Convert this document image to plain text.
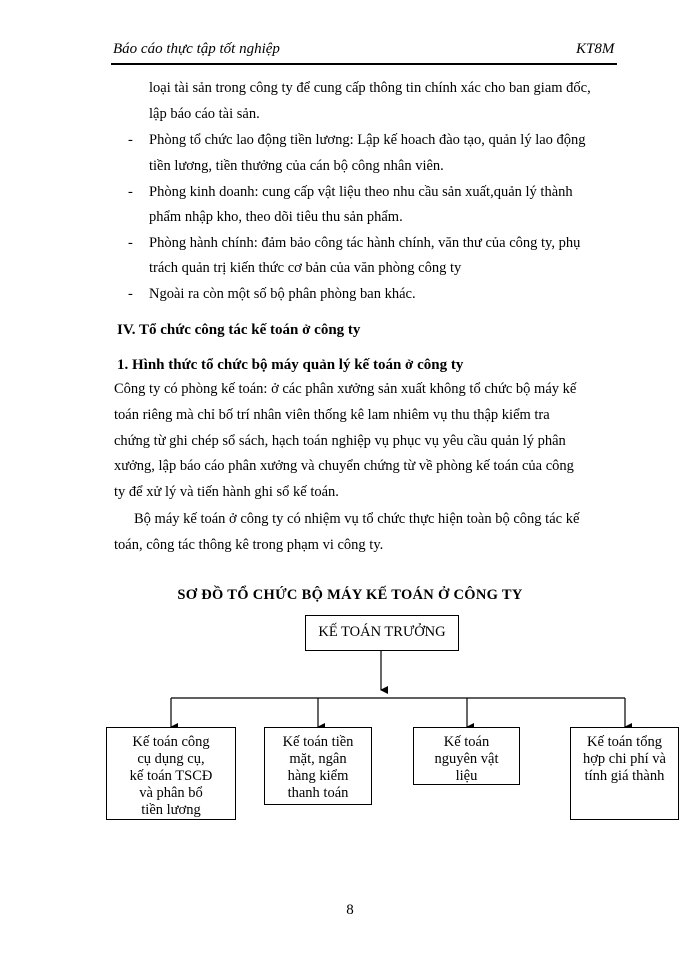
Báo cáo thực tập tốt nghiệp	KT8M
loại tài sản trong công ty để cung cấp thông tin chính xác cho ban giam đốc,
lập báo cáo tài sản.
- Phòng tổ chức lao động tiền lương: Lập kế hoach đào tạo, quản lý lao động
tiền lương, tiền thưởng của cán bộ công nhân viên.
- Phòng kinh doanh: cung cấp vật liệu theo nhu cầu sản xuất,quản lý thành
phẩm nhập kho, theo dõi tiêu thu sản phẩm.
- Phòng hành chính: đảm bảo công tác hành chính, văn thư của công ty, phụ
trách quản trị kiến thức cơ bản của văn phòng công ty
- Ngoài ra còn một số bộ phân phòng ban khác.
IV. Tổ chức công tác kế toán ở công ty
1. Hình thức tổ chức bộ máy quản lý kế toán ở công ty
Công ty có phòng kế toán: ở các phân xưởng sản xuất không tổ chức bộ máy kế
toán riêng mà chỉ bố trí nhân viên thống kê lam nhiêm vụ thu thập kiểm tra
chứng từ ghi chép sổ sách, hạch toán nghiệp vụ phục vụ yêu cầu quản lý phân
xưởng, lập báo cáo phân xưởng và chuyển chứng từ về phòng kế toán của công
ty để xử lý và tiến hành ghi sổ kế toán.
Bộ máy kế toán ở công ty có nhiệm vụ tổ chức thực hiện toàn bộ công tác kế
toán, công tác thông kê trong phạm vi công ty.
SƠ ĐỒ TỔ CHỨC BỘ MÁY KẾ TOÁN Ở CÔNG TY
KẾ TOÁN TRƯỞNG
Kế toán công
cụ dụng cụ,
kế toán TSCĐ
và phân bổ
tiền lương
Kế toán tiền
mặt, ngân
hàng kiểm
thanh toán
Kế toán
nguyên vật
liệu
Kế toán tổng
hợp chi phí và
tính giá thành
8
